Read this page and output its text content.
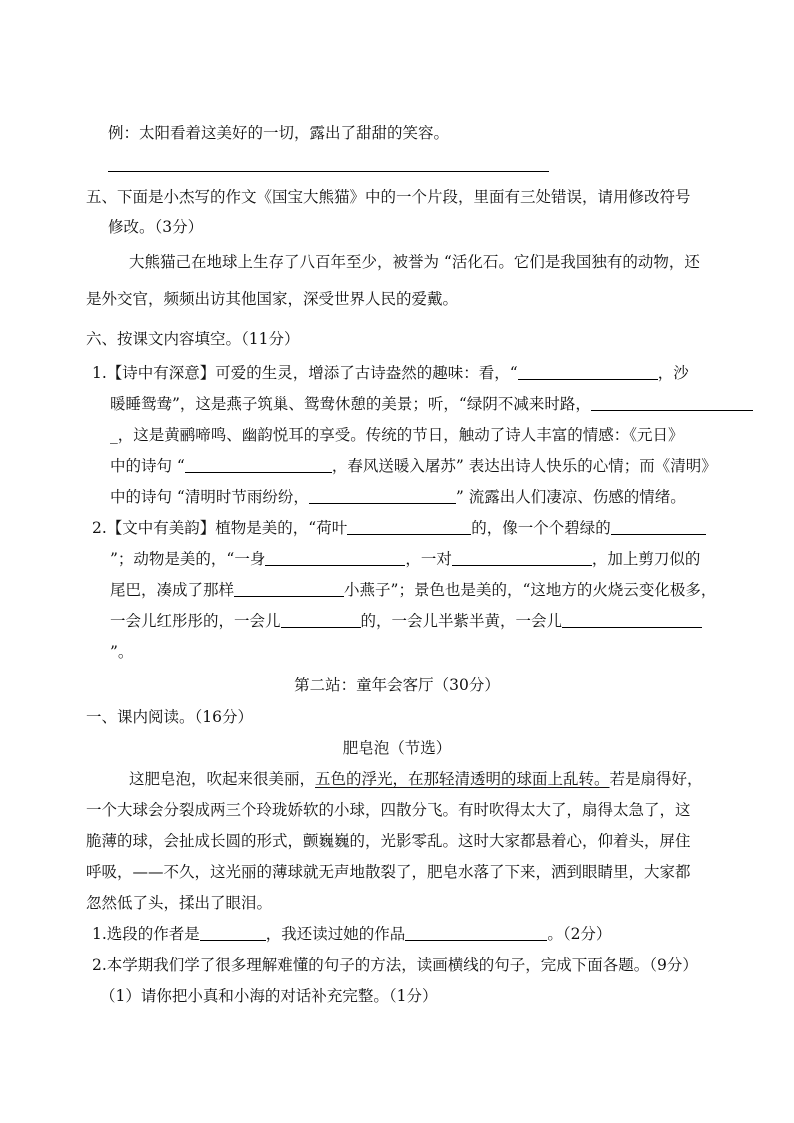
例：太阳看着这美好的一切，露出了甜甜的笑容。
五、下面是小杰写的作文《国宝大熊猫》中的一个片段，里面有三处错误，请用修改符号
修改。（3分）
大熊猫己在地球上生存了八百年至少，被誉为 “活化石。它们是我国独有的动物，还
是外交官，频频出访其他国家，深受世界人民的爱戴。
六、按课文内容填空。（11分）
1.【诗中有深意】可爱的生灵，增添了古诗盎然的趣味：看，“	，沙
暖睡鸳鸯”，这是燕子筑巢、鸳鸯休憩的美景；听，“绿阴不减来时路，
_，这是黄鹂啼鸣、幽韵悦耳的享受。传统的节日，触动了诗人丰富的情感：《元日》
中的诗句 “	，春风送暖入屠苏” 表达出诗人快乐的心情；而《清明》
中的诗句 “清明时节雨纷纷，	” 流露出人们凄凉、伤感的情绪。
2.【文中有美韵】植物是美的，“荷叶	的，像一个个碧绿的
”；动物是美的，“一身	，一对	，加上剪刀似的
尾巴，凑成了那样	小燕子”；景色也是美的，“这地方的火烧云变化极多，
一会儿红彤彤的，一会儿	的，一会儿半紫半黄，一会儿
”。
第二站：童年会客厅（30分）
一、课内阅读。（16分）
肥皂泡（节选）
这肥皂泡，吹起来很美丽，五色的浮光，在那轻清透明的球面上乱转。若是扇得好，
一个大球会分裂成两三个玲珑娇软的小球，四散分飞。有时吹得太大了，扇得太急了，这
脆薄的球，会扯成长圆的形式，颤巍巍的，光影零乱。这时大家都悬着心，仰着头，屏住
呼吸，——不久，这光丽的薄球就无声地散裂了，肥皂水落了下来，洒到眼睛里，大家都
忽然低了头，揉出了眼泪。
1.选段的作者是	，我还读过她的作品	。（2分）
2.本学期我们学了很多理解难懂的句子的方法，读画横线的句子，完成下面各题。（9分）
（1）请你把小真和小海的对话补充完整。（1分）
